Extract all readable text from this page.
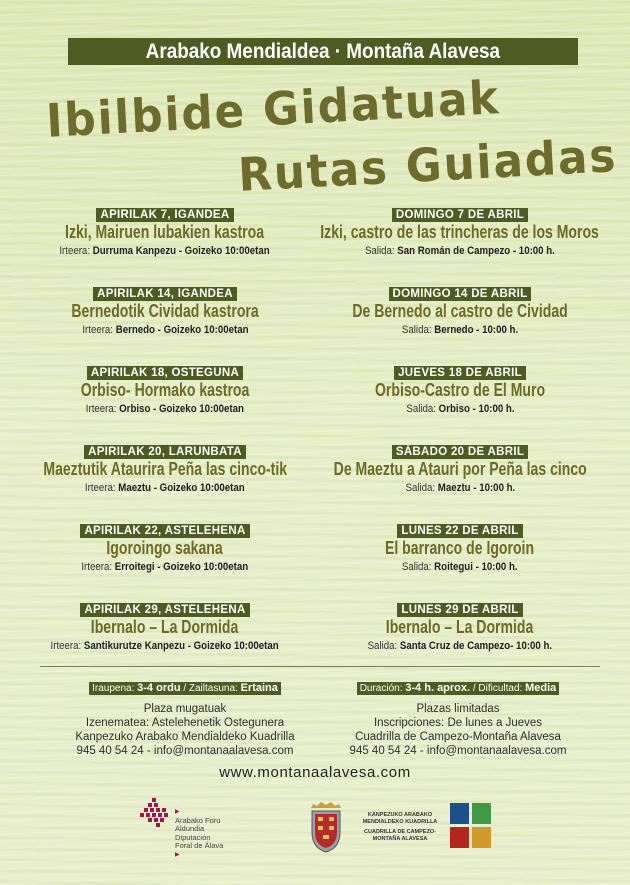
Arabako Mendialdea · Montaña Alavesa
Ibilbide Gidatuak
Rutas Guiadas
APIRILAK 7, IGANDEA
Izki, Mairuen lubakien kastroa
Irteera: Durruma Kanpezu - Goizeko 10:00etan
APIRILAK 14, IGANDEA
Bernedotik Cividad kastrora
Irteera: Bernedo - Goizeko 10:00etan
APIRILAK 18, OSTEGUNA
Orbiso- Hormako kastroa
Irteera: Orbiso - Goizeko 10:00etan
APIRILAK 20, LARUNBATA
Maeztutik Ataurira Peña las cinco-tik
Irteera: Maeztu - Goizeko 10:00etan
APIRILAK 22, ASTELEHENA
Igoroingo sakana
Irteera: Erroitegi - Goizeko 10:00etan
APIRILAK 29, ASTELEHENA
Ibernalo – La Dormida
Irteera: Santikurutze Kanpezu - Goizeko 10:00etan
DOMINGO 7 DE ABRIL
Izki, castro de las trincheras de los Moros
Salida: San Román de Campezo - 10:00 h.
DOMINGO 14 DE ABRIL
De Bernedo al castro de Cividad
Salida: Bernedo - 10:00 h.
JUEVES 18 DE ABRIL
Orbiso-Castro de El Muro
Salida: Orbiso - 10:00 h.
SÁBADO 20 DE ABRIL
De Maeztu a Atauri por Peña las cinco
Salida: Maeztu - 10:00 h.
LUNES 22 DE ABRIL
El barranco de Igoroin
Salida: Roitegui - 10:00 h.
LUNES 29 DE ABRIL
Ibernalo – La Dormida
Salida: Santa Cruz de Campezo- 10:00 h.
Iraupena: 3-4 ordu / Zailtasuna: Ertaina
Plaza mugatuak
Izenematea: Astelehenetik Ostegunera
Kanpezuko Arabako Mendialdeko Kuadrilla
945 40 54 24 - info@montanaalavesa.com
Duración: 3-4 h. aprox. / Dificultad: Media
Plazas limitadas
Inscripciones: De lunes a Jueves
Cuadrilla de Campezo-Montaña Alavesa
945 40 54 24 - info@montanaalavesa.com
www.montanaalavesa.com
▶
Arabako Foru
Aldundia
Diputación
Foral de Álava
▶
KANPEZUKO ARABAKO MENDIALDEKO KUADRILLA
CUADRILLA DE CAMPEZO-MONTAÑA ALAVESA
